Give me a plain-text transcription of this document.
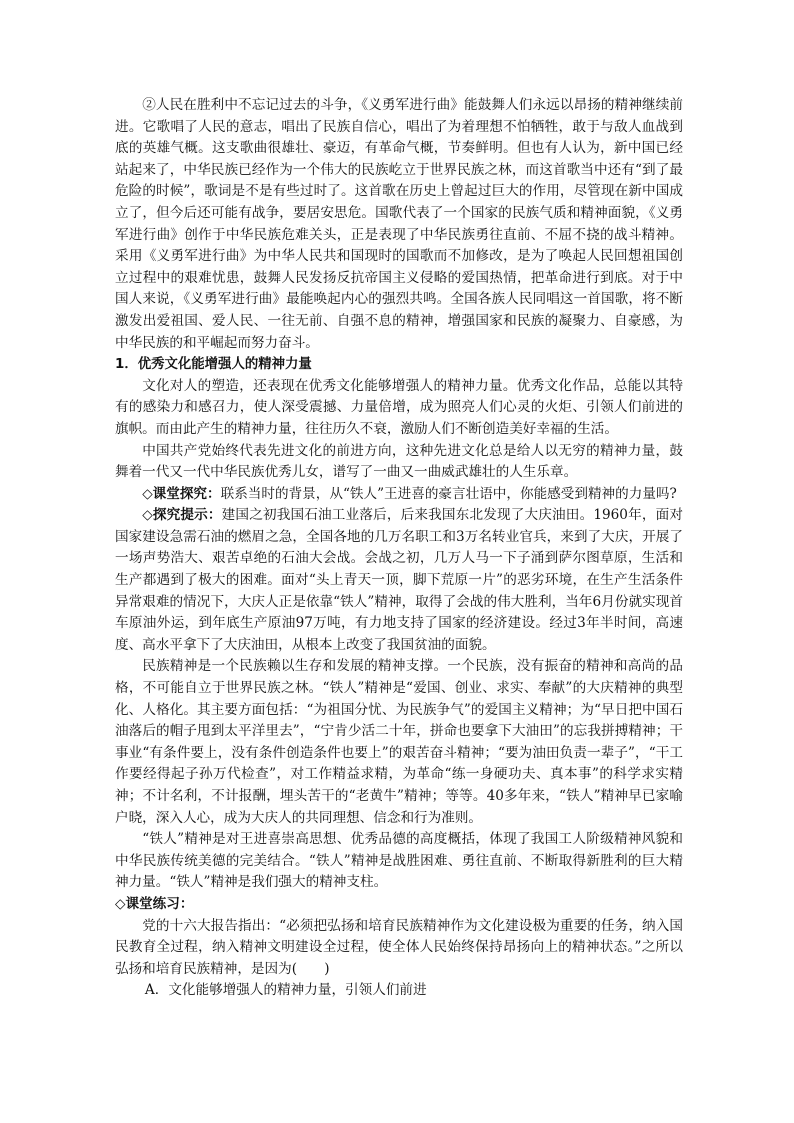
②人民在胜利中不忘记过去的斗争，《义勇军进行曲》能鼓舞人们永远以昂扬的精神继续前进。它歌唱了人民的意志，唱出了民族自信心，唱出了为着理想不怕牺牲，敢于与敌人血战到底的英雄气概。这支歌曲很雄壮、豪迈，有革命气概，节奏鲜明。但也有人认为，新中国已经站起来了，中华民族已经作为一个伟大的民族屹立于世界民族之林，而这首歌当中还有“到了最危险的时候”，歌词是不是有些过时了。这首歌在历史上曾起过巨大的作用，尽管现在新中国成立了，但今后还可能有战争，要居安思危。国歌代表了一个国家的民族气质和精神面貌，《义勇军进行曲》创作于中华民族危难关头，正是表现了中华民族勇往直前、不屈不挠的战斗精神。采用《义勇军进行曲》为中华人民共和国现时的国歌而不加修改，是为了唤起人民回想祖国创立过程中的艰难忧患，鼓舞人民发扬反抗帝国主义侵略的爱国热情，把革命进行到底。对于中国人来说，《义勇军进行曲》最能唤起内心的强烈共鸣。全国各族人民同唱这一首国歌，将不断激发出爱祖国、爱人民、一往无前、自强不息的精神，增强国家和民族的凝聚力、自豪感，为中华民族的和平崛起而努力奋斗。

1．优秀文化能增强人的精神力量

文化对人的塑造，还表现在优秀文化能够增强人的精神力量。优秀文化作品，总能以其特有的感染力和感召力，使人深受震撼、力量倍增，成为照亮人们心灵的火炬、引领人们前进的旗帜。而由此产生的精神力量，往往历久不衰，激励人们不断创造美好幸福的生活。

中国共产党始终代表先进文化的前进方向，这种先进文化总是给人以无穷的精神力量，鼓舞着一代又一代中华民族优秀儿女，谱写了一曲又一曲威武雄壮的人生乐章。

◇课堂探究：联系当时的背景，从“铁人”王进喜的豪言壮语中，你能感受到精神的力量吗?

◇探究提示：建国之初我国石油工业落后，后来我国东北发现了大庆油田。1960年，面对国家建设急需石油的燃眉之急，全国各地的几万名职工和3万名转业官兵，来到了大庆，开展了一场声势浩大、艰苦卓绝的石油大会战。会战之初，几万人马一下子涌到萨尔图草原，生活和生产都遇到了极大的困难。面对“头上青天一顶，脚下荒原一片”的恶劣环境，在生产生活条件异常艰难的情况下，大庆人正是依靠“铁人”精神，取得了会战的伟大胜利，当年6月份就实现首车原油外运，到年底生产原油97万吨，有力地支持了国家的经济建设。经过3年半时间，高速度、高水平拿下了大庆油田，从根本上改变了我国贫油的面貌。

民族精神是一个民族赖以生存和发展的精神支撑。一个民族，没有振奋的精神和高尚的品格，不可能自立于世界民族之林。“铁人”精神是“爱国、创业、求实、奉献”的大庆精神的典型化、人格化。其主要方面包括：“为祖国分忧、为民族争气”的爱国主义精神；为“早日把中国石油落后的帽子甩到太平洋里去”，“宁肯少活二十年，拼命也要拿下大油田”的忘我拼搏精神；干事业“有条件要上，没有条件创造条件也要上”的艰苦奋斗精神；“要为油田负责一辈子”，“干工作要经得起子孙万代检查”，对工作精益求精，为革命“练一身硬功夫、真本事”的科学求实精神；不计名利，不计报酬，埋头苦干的“老黄牛”精神；等等。40多年来，“铁人”精神早已家喻户晓，深入人心，成为大庆人的共同理想、信念和行为准则。

“铁人”精神是对王进喜崇高思想、优秀品德的高度概括，体现了我国工人阶级精神风貌和中华民族传统美德的完美结合。“铁人”精神是战胜困难、勇往直前、不断取得新胜利的巨大精神力量。“铁人”精神是我们强大的精神支柱。

◇课堂练习：

党的十六大报告指出：“必须把弘扬和培育民族精神作为文化建设极为重要的任务，纳入国民教育全过程，纳入精神文明建设全过程，使全体人民始终保持昂扬向上的精神状态。”之所以弘扬和培育民族精神，是因为(　　)

A．文化能够增强人的精神力量，引领人们前进
